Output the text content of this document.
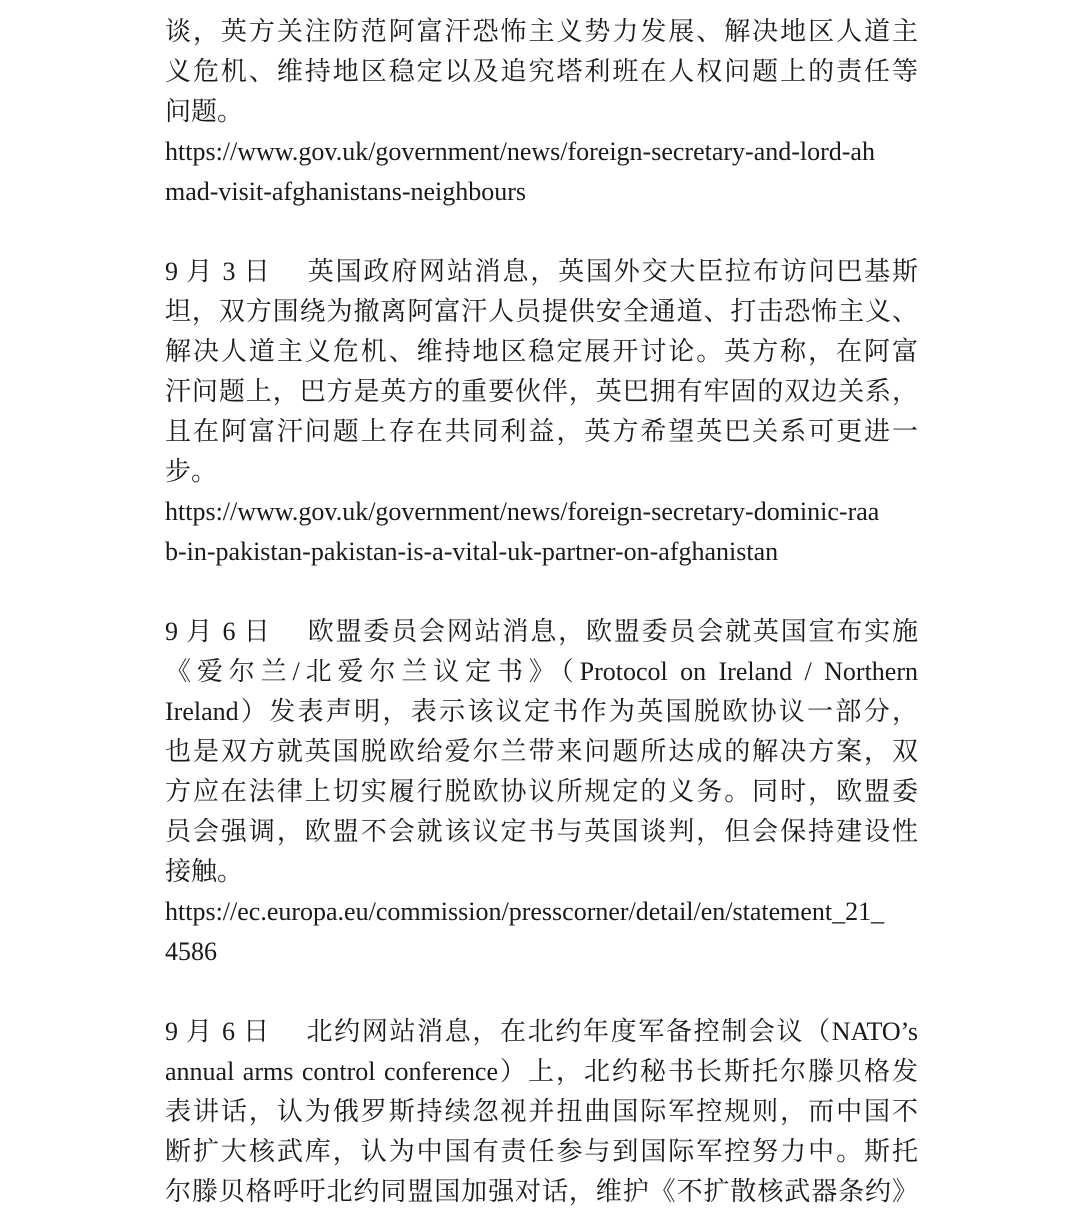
谈，英方关注防范阿富汗恐怖主义势力发展、解决地区人道主
义危机、维持地区稳定以及追究塔利班在人权问题上的责任等
问题。
https://www.gov.uk/government/news/foreign-secretary-and-lord-ah
mad-visit-afghanistans-neighbours
9 月 3 日　 英国政府网站消息，英国外交大臣拉布访问巴基斯
坦，双方围绕为撤离阿富汗人员提供安全通道、打击恐怖主义、
解决人道主义危机、维持地区稳定展开讨论。英方称，在阿富
汗问题上，巴方是英方的重要伙伴，英巴拥有牢固的双边关系，
且在阿富汗问题上存在共同利益，英方希望英巴关系可更进一
步。
https://www.gov.uk/government/news/foreign-secretary-dominic-raa
b-in-pakistan-pakistan-is-a-vital-uk-partner-on-afghanistan
9 月 6 日　 欧盟委员会网站消息，欧盟委员会就英国宣布实施
《爱尔兰/北爱尔兰议定书》（Protocol on Ireland / Northern
Ireland）发表声明，表示该议定书作为英国脱欧协议一部分，
也是双方就英国脱欧给爱尔兰带来问题所达成的解决方案，双
方应在法律上切实履行脱欧协议所规定的义务。同时，欧盟委
员会强调，欧盟不会就该议定书与英国谈判，但会保持建设性
接触。
https://ec.europa.eu/commission/presscorner/detail/en/statement_21_
4586
9 月 6 日　 北约网站消息，在北约年度军备控制会议（NATO’s
annual arms control conference）上，北约秘书长斯托尔滕贝格发
表讲话，认为俄罗斯持续忽视并扭曲国际军控规则，而中国不
断扩大核武库，认为中国有责任参与到国际军控努力中。斯托
尔滕贝格呼吁北约同盟国加强对话，维护《不扩散核武器条约》
